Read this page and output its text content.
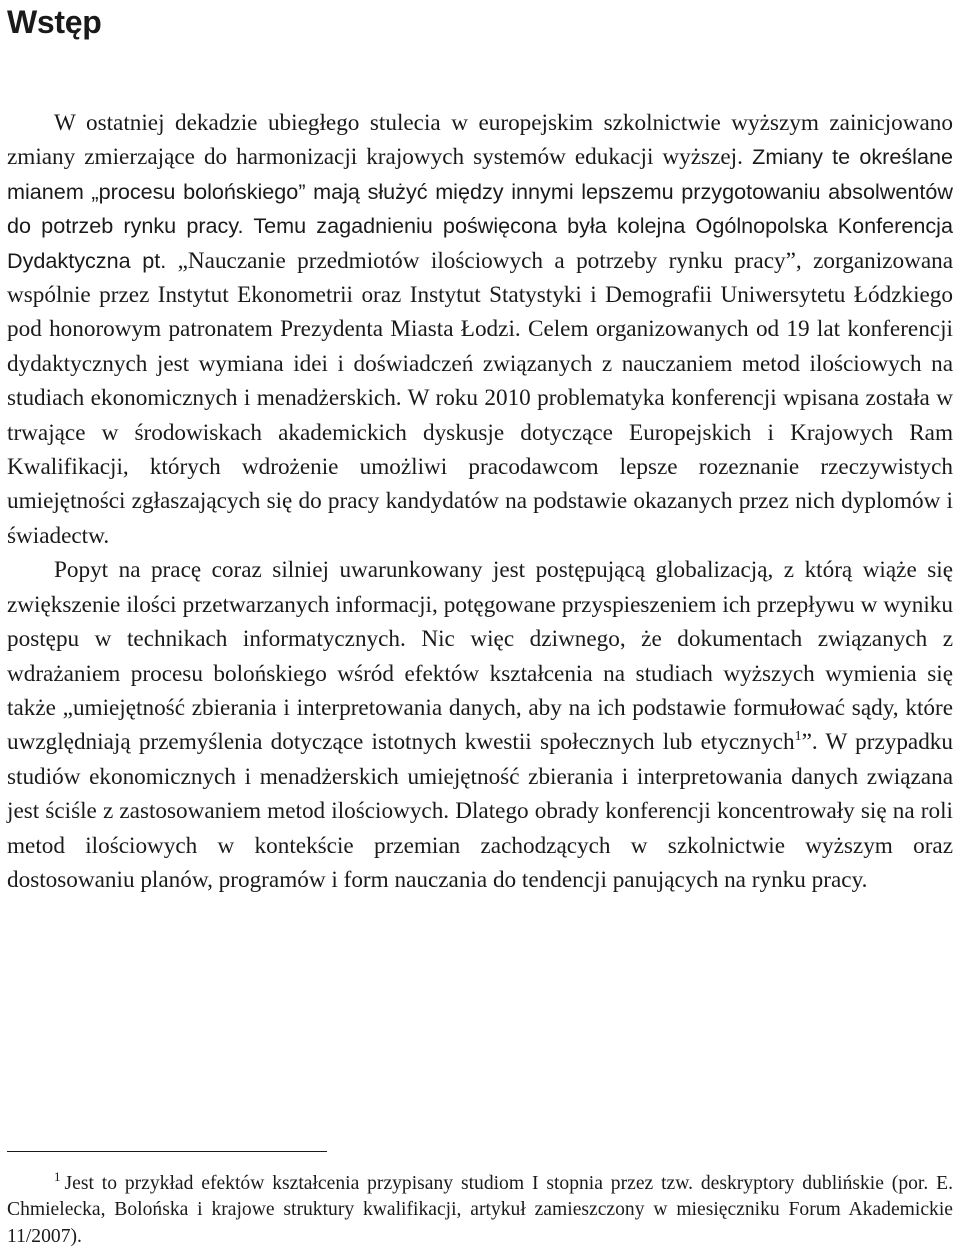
Wstęp

W ostatniej dekadzie ubiegłego stulecia w europejskim szkolnictwie wyższym zainicjowano zmiany zmierzające do harmonizacji krajowych systemów edukacji wyższej. Zmiany te określane mianem „procesu bolońskiego” mają służyć między innymi lepszemu przygotowaniu absolwentów do potrzeb rynku pracy. Temu zagadnieniu poświęcona była kolejna Ogólnopolska Konferencja Dydaktyczna pt. „Nauczanie przedmiotów ilościowych a potrzeby rynku pracy”, zorganizowana wspólnie przez Instytut Ekonometrii oraz Instytut Statystyki i Demografii Uniwersytetu Łódzkiego pod honorowym patronatem Prezydenta Miasta Łodzi. Celem organizowanych od 19 lat konferencji dydaktycznych jest wymiana idei i doświadczeń związanych z nauczaniem metod ilościowych na studiach ekonomicznych i menadżerskich. W roku 2010 problematyka konferencji wpisana została w trwające w środowiskach akademickich dyskusje dotyczące Europejskich i Krajowych Ram Kwalifikacji, których wdrożenie umożliwi pracodawcom lepsze rozeznanie rzeczywistych umiejętności zgłaszających się do pracy kandydatów na podstawie okazanych przez nich dyplomów i świadectw.

Popyt na pracę coraz silniej uwarunkowany jest postępującą globalizacją, z którą wiąże się zwiększenie ilości przetwarzanych informacji, potęgowane przyspieszeniem ich przepływu w wyniku postępu w technikach informatycznych. Nic więc dziwnego, że dokumentach związanych z wdrażaniem procesu bolońskiego wśród efektów kształcenia na studiach wyższych wymienia się także „umiejętność zbierania i interpretowania danych, aby na ich podstawie formułować sądy, które uwzględniają przemyślenia dotyczące istotnych kwestii społecznych lub etycznych$^1$”. W przypadku studiów ekonomicznych i menadżerskich umiejętność zbierania i interpretowania danych związana jest ściśle z zastosowaniem metod ilościowych. Dlatego obrady konferencji koncentrowały się na roli metod ilościowych w kontekście przemian zachodzących w szkolnictwie wyższym oraz dostosowaniu planów, programów i form nauczania do tendencji panujących na rynku pracy.

$^1$ Jest to przykład efektów kształcenia przypisany studiom I stopnia przez tzw. deskryptory dublińskie (por. E. Chmielecka, Bolońska i krajowe struktury kwalifikacji, artykuł zamieszczony w miesięczniku Forum Akademickie 11/2007).
